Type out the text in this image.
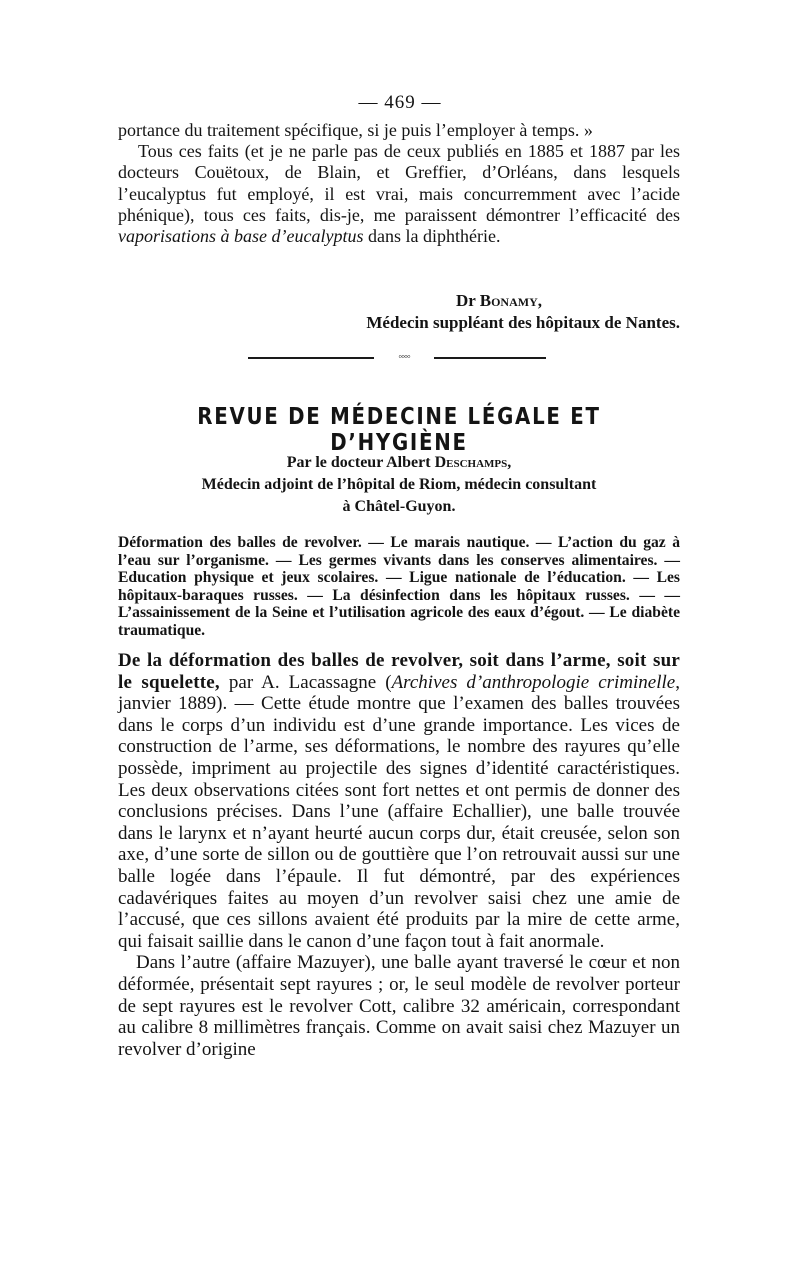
— 469 —

portance du traitement spécifique, si je puis l’employer à temps. »

Tous ces faits (et je ne parle pas de ceux publiés en 1885 et 1887 par les docteurs Couëtoux, de Blain, et Greffier, d’Orléans, dans lesquels l’eucalyptus fut employé, il est vrai, mais concurremment avec l’acide phénique), tous ces faits, dis-je, me paraissent démontrer l’efficacité des vaporisations à base d’eucalyptus dans la diphthérie.

Dr Bonamy,
Médecin suppléant des hôpitaux de Nantes.
◦◦◦◦
REVUE DE MÉDECINE LÉGALE ET D’HYGIÈNE
Par le docteur Albert Deschamps,
Médecin adjoint de l’hôpital de Riom, médecin consultant
à Châtel-Guyon.
Déformation des balles de revolver. — Le marais nautique. — L’action du gaz à l’eau sur l’organisme. — Les germes vivants dans les conserves alimentaires. — Education physique et jeux scolaires. — Ligue nationale de l’éducation. — Les hôpitaux-baraques russes. — La désinfection dans les hôpitaux russes. — — L’assainissement de la Seine et l’utilisation agricole des eaux d’égout. — Le diabète traumatique.

De la déformation des balles de revolver, soit dans l’arme, soit sur le squelette, par A. Lacassagne (Archives d’anthropologie criminelle, janvier 1889). — Cette étude montre que l’examen des balles trouvées dans le corps d’un individu est d’une grande importance. Les vices de construction de l’arme, ses déformations, le nombre des rayures qu’elle possède, impriment au projectile des signes d’identité caractéristiques. Les deux observations citées sont fort nettes et ont permis de donner des conclusions précises. Dans l’une (affaire Echallier), une balle trouvée dans le larynx et n’ayant heurté aucun corps dur, était creusée, selon son axe, d’une sorte de sillon ou de gouttière que l’on retrouvait aussi sur une balle logée dans l’épaule. Il fut démontré, par des expériences cadavériques faites au moyen d’un revolver saisi chez une amie de l’accusé, que ces sillons avaient été produits par la mire de cette arme, qui faisait saillie dans le canon d’une façon tout à fait anormale.

Dans l’autre (affaire Mazuyer), une balle ayant traversé le cœur et non déformée, présentait sept rayures ; or, le seul modèle de revolver porteur de sept rayures est le revolver Cott, calibre 32 américain, correspondant au calibre 8 millimètres français. Comme on avait saisi chez Mazuyer un revolver d’origine
